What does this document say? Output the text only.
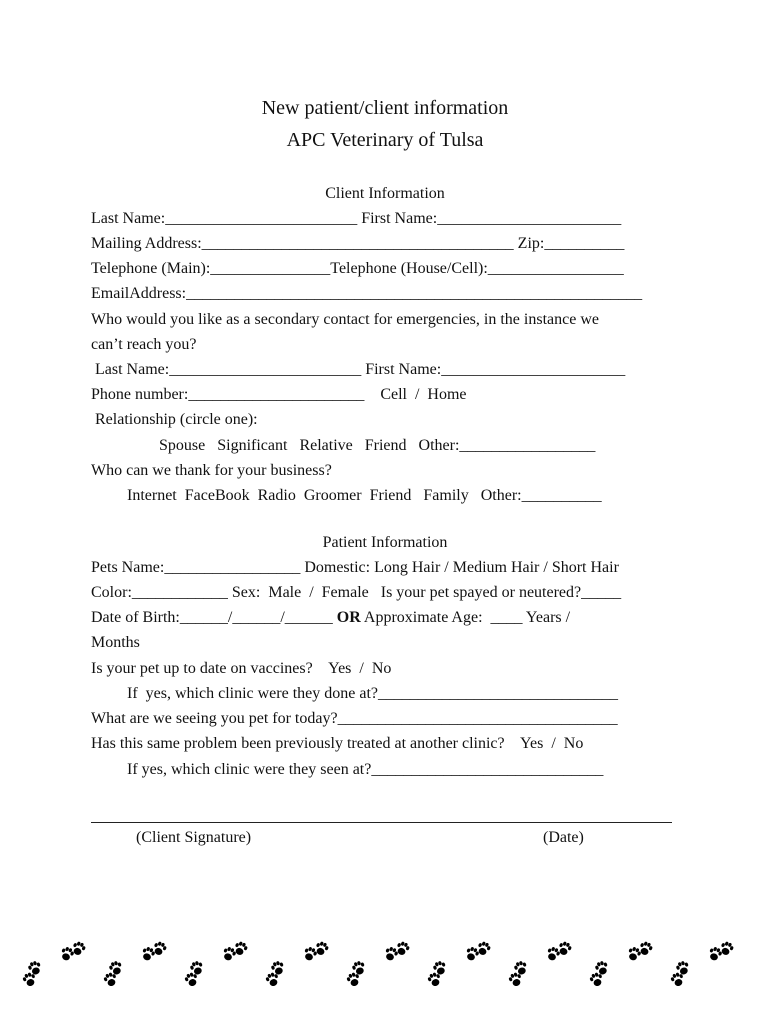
New patient/client information
APC Veterinary of Tulsa
Client Information
Last Name:________________________ First Name:_______________________
Mailing Address:_______________________________________ Zip:__________
Telephone (Main):_______________Telephone (House/Cell):_________________
EmailAddress:_________________________________________________________
Who would you like as a secondary contact for emergencies, in the instance we
can’t reach you?
Last Name:________________________ First Name:_______________________
Phone number:______________________    Cell  /  Home
Relationship (circle one):
Spouse   Significant   Relative   Friend   Other:_________________
Who can we thank for your business?
Internet  FaceBook  Radio  Groomer  Friend   Family   Other:__________
Patient Information
Pets Name:_________________ Domestic: Long Hair / Medium Hair / Short Hair
Color:____________ Sex:  Male  /  Female   Is your pet spayed or neutered?_____
Date of Birth:______/______/______ OR Approximate Age:  ____ Years /
Months
Is your pet up to date on vaccines?    Yes  /  No
If  yes, which clinic were they done at?______________________________
What are we seeing you pet for today?___________________________________
Has this same problem been previously treated at another clinic?    Yes  /  No
If yes, which clinic were they seen at?_____________________________
(Client Signature)	(Date)
